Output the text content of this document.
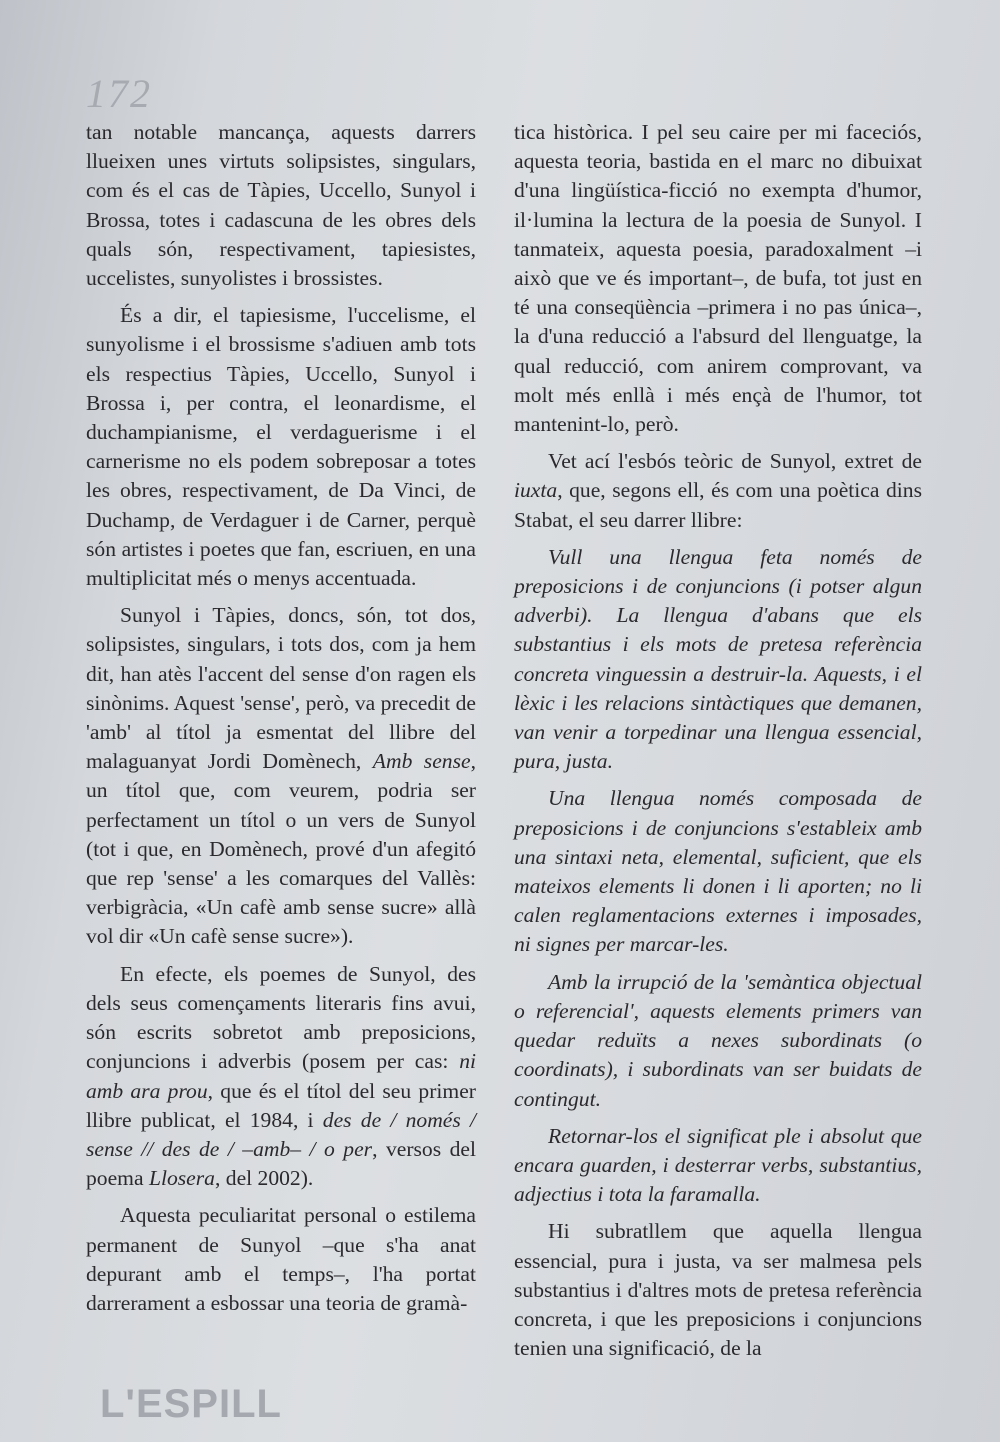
172

tan notable mancança, aquests darrers llueixen unes virtuts solipsistes, singulars, com és el cas de Tàpies, Uccello, Sunyol i Brossa, totes i cadascuna de les obres dels quals són, respectivament, tapiesistes, uccelistes, sunyolistes i brossistes.

És a dir, el tapiesisme, l'uccelisme, el sunyolisme i el brossisme s'adiuen amb tots els respectius Tàpies, Uccello, Sunyol i Brossa i, per contra, el leonardisme, el duchampianisme, el verdaguerisme i el carnerisme no els podem sobreposar a totes les obres, respectivament, de Da Vinci, de Duchamp, de Verdaguer i de Carner, perquè són artistes i poetes que fan, escriuen, en una multiplicitat més o menys accentuada.

Sunyol i Tàpies, doncs, són, tot dos, solipsistes, singulars, i tots dos, com ja hem dit, han atès l'accent del sense d'on ragen els sinònims. Aquest 'sense', però, va precedit de 'amb' al títol ja esmentat del llibre del malaguanyat Jordi Domènech, Amb sense, un títol que, com veurem, podria ser perfectament un títol o un vers de Sunyol (tot i que, en Domènech, prové d'un afegitó que rep 'sense' a les comarques del Vallès: verbigràcia, «Un cafè amb sense sucre» allà vol dir «Un cafè sense sucre»).

En efecte, els poemes de Sunyol, des dels seus començaments literaris fins avui, són escrits sobretot amb preposicions, conjuncions i adverbis (posem per cas: ni amb ara prou, que és el títol del seu primer llibre publicat, el 1984, i des de / només / sense // des de / –amb– / o per, versos del poema Llosera, del 2002).

Aquesta peculiaritat personal o estilema permanent de Sunyol –que s'ha anat depurant amb el temps–, l'ha portat darrerament a esbossar una teoria de gramà-

tica històrica. I pel seu caire per mi faceciós, aquesta teoria, bastida en el marc no dibuixat d'una lingüística-ficció no exempta d'humor, il·lumina la lectura de la poesia de Sunyol. I tanmateix, aquesta poesia, paradoxalment –i això que ve és important–, de bufa, tot just en té una conseqüència –primera i no pas única–, la d'una reducció a l'absurd del llenguatge, la qual reducció, com anirem comprovant, va molt més enllà i més ençà de l'humor, tot mantenint-lo, però.

Vet ací l'esbós teòric de Sunyol, extret de iuxta, que, segons ell, és com una poètica dins Stabat, el seu darrer llibre:

Vull una llengua feta només de preposicions i de conjuncions (i potser algun adverbi). La llengua d'abans que els substantius i els mots de pretesa referència concreta vinguessin a destruir-la. Aquests, i el lèxic i les relacions sintàctiques que demanen, van venir a torpedinar una llengua essencial, pura, justa.

Una llengua només composada de preposicions i de conjuncions s'estableix amb una sintaxi neta, elemental, suficient, que els mateixos elements li donen i li aporten; no li calen reglamentacions externes i imposades, ni signes per marcar-les.

Amb la irrupció de la 'semàntica objectual o referencial', aquests elements primers van quedar reduïts a nexes subordinats (o coordinats), i subordinats van ser buidats de contingut.

Retornar-los el significat ple i absolut que encara guarden, i desterrar verbs, substantius, adjectius i tota la faramalla.

Hi subratllem que aquella llengua essencial, pura i justa, va ser malmesa pels substantius i d'altres mots de pretesa referència concreta, i que les preposicions i conjuncions tenien una significació, de la

L'ESPILL
